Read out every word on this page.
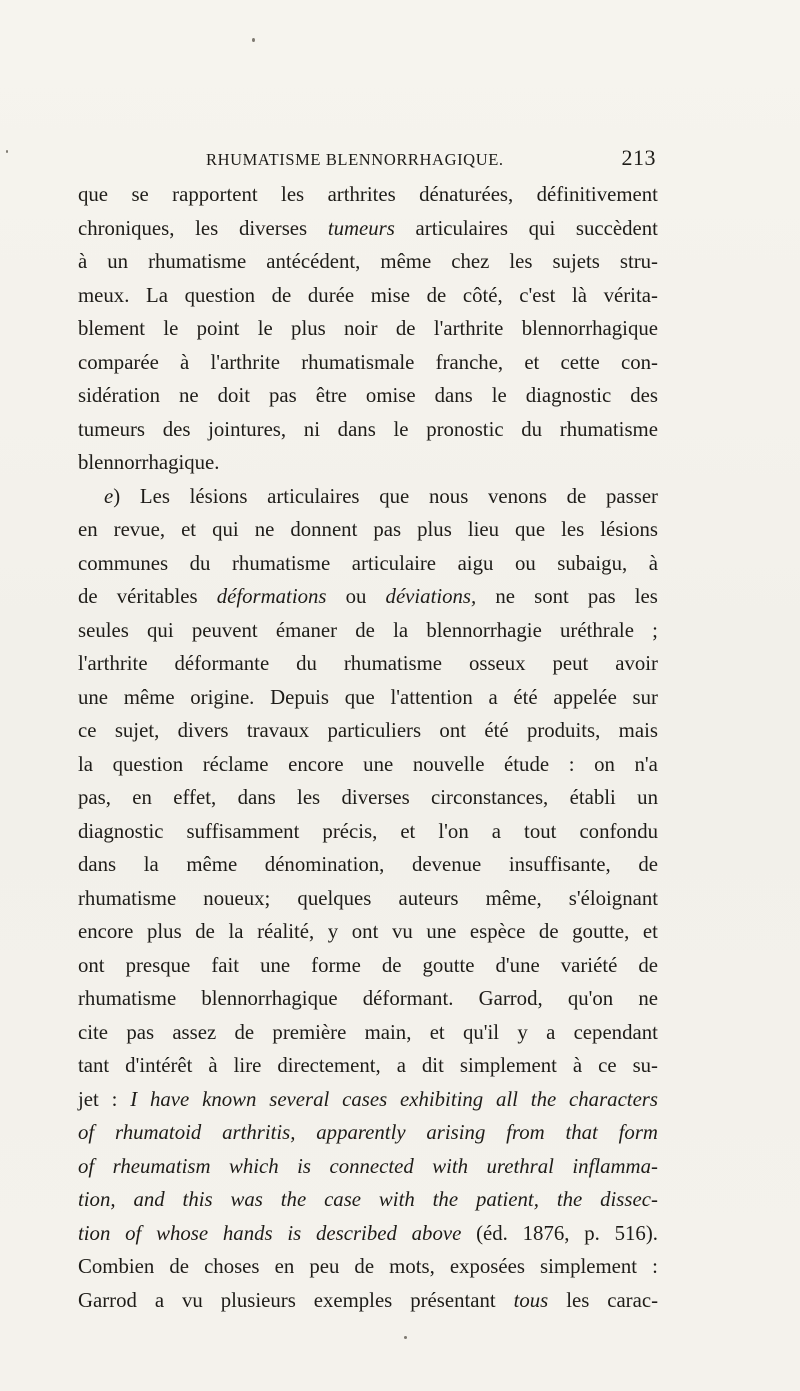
RHUMATISME BLENNORRHAGIQUE.	213
que se rapportent les arthrites dénaturées, définitivement
chroniques, les diverses tumeurs articulaires qui succèdent
à un rhumatisme antécédent, même chez les sujets stru-
meux. La question de durée mise de côté, c'est là vérita-
blement le point le plus noir de l'arthrite blennorrhagique
comparée à l'arthrite rhumatismale franche, et cette con-
sidération ne doit pas être omise dans le diagnostic des
tumeurs des jointures, ni dans le pronostic du rhumatisme
blennorrhagique.
e) Les lésions articulaires que nous venons de passer
en revue, et qui ne donnent pas plus lieu que les lésions
communes du rhumatisme articulaire aigu ou subaigu, à
de véritables déformations ou déviations, ne sont pas les
seules qui peuvent émaner de la blennorrhagie uréthrale ;
l'arthrite déformante du rhumatisme osseux peut avoir
une même origine. Depuis que l'attention a été appelée sur
ce sujet, divers travaux particuliers ont été produits, mais
la question réclame encore une nouvelle étude : on n'a
pas, en effet, dans les diverses circonstances, établi un
diagnostic suffisamment précis, et l'on a tout confondu
dans la même dénomination, devenue insuffisante, de
rhumatisme noueux; quelques auteurs même, s'éloignant
encore plus de la réalité, y ont vu une espèce de goutte, et
ont presque fait une forme de goutte d'une variété de
rhumatisme blennorrhagique déformant. Garrod, qu'on ne
cite pas assez de première main, et qu'il y a cependant
tant d'intérêt à lire directement, a dit simplement à ce su-
jet : I have known several cases exhibiting all the characters
of rhumatoid arthritis, apparently arising from that form
of rheumatism which is connected with urethral inflamma-
tion, and this was the case with the patient, the dissec-
tion of whose hands is described above (éd. 1876, p. 516).
Combien de choses en peu de mots, exposées simplement :
Garrod a vu plusieurs exemples présentant tous les carac-
